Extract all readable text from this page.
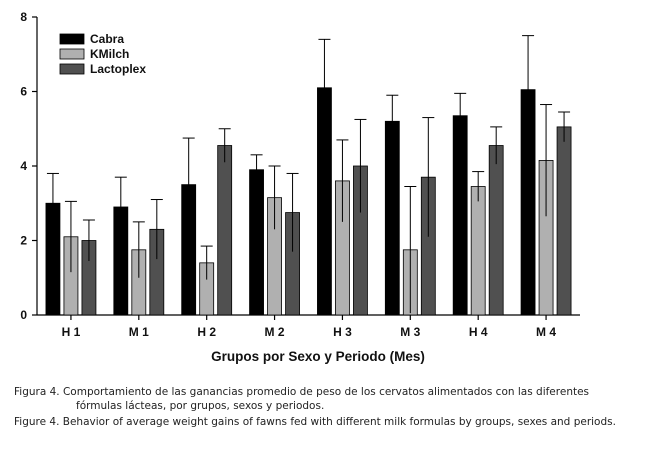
0
2
4
6
8
H 1	M 1	H 2	M 2	H 3	M 3	H 4	M 4
Cabra
KMilch
Lactoplex
Grupos por Sexo y Periodo (Mes)
Figura 4. Comportamiento de las ganancias promedio de peso de los cervatos alimentados con las diferentes
fórmulas lácteas, por grupos, sexos y periodos.
Figure 4. Behavior of average weight gains of fawns fed with different milk formulas by groups, sexes and periods.
